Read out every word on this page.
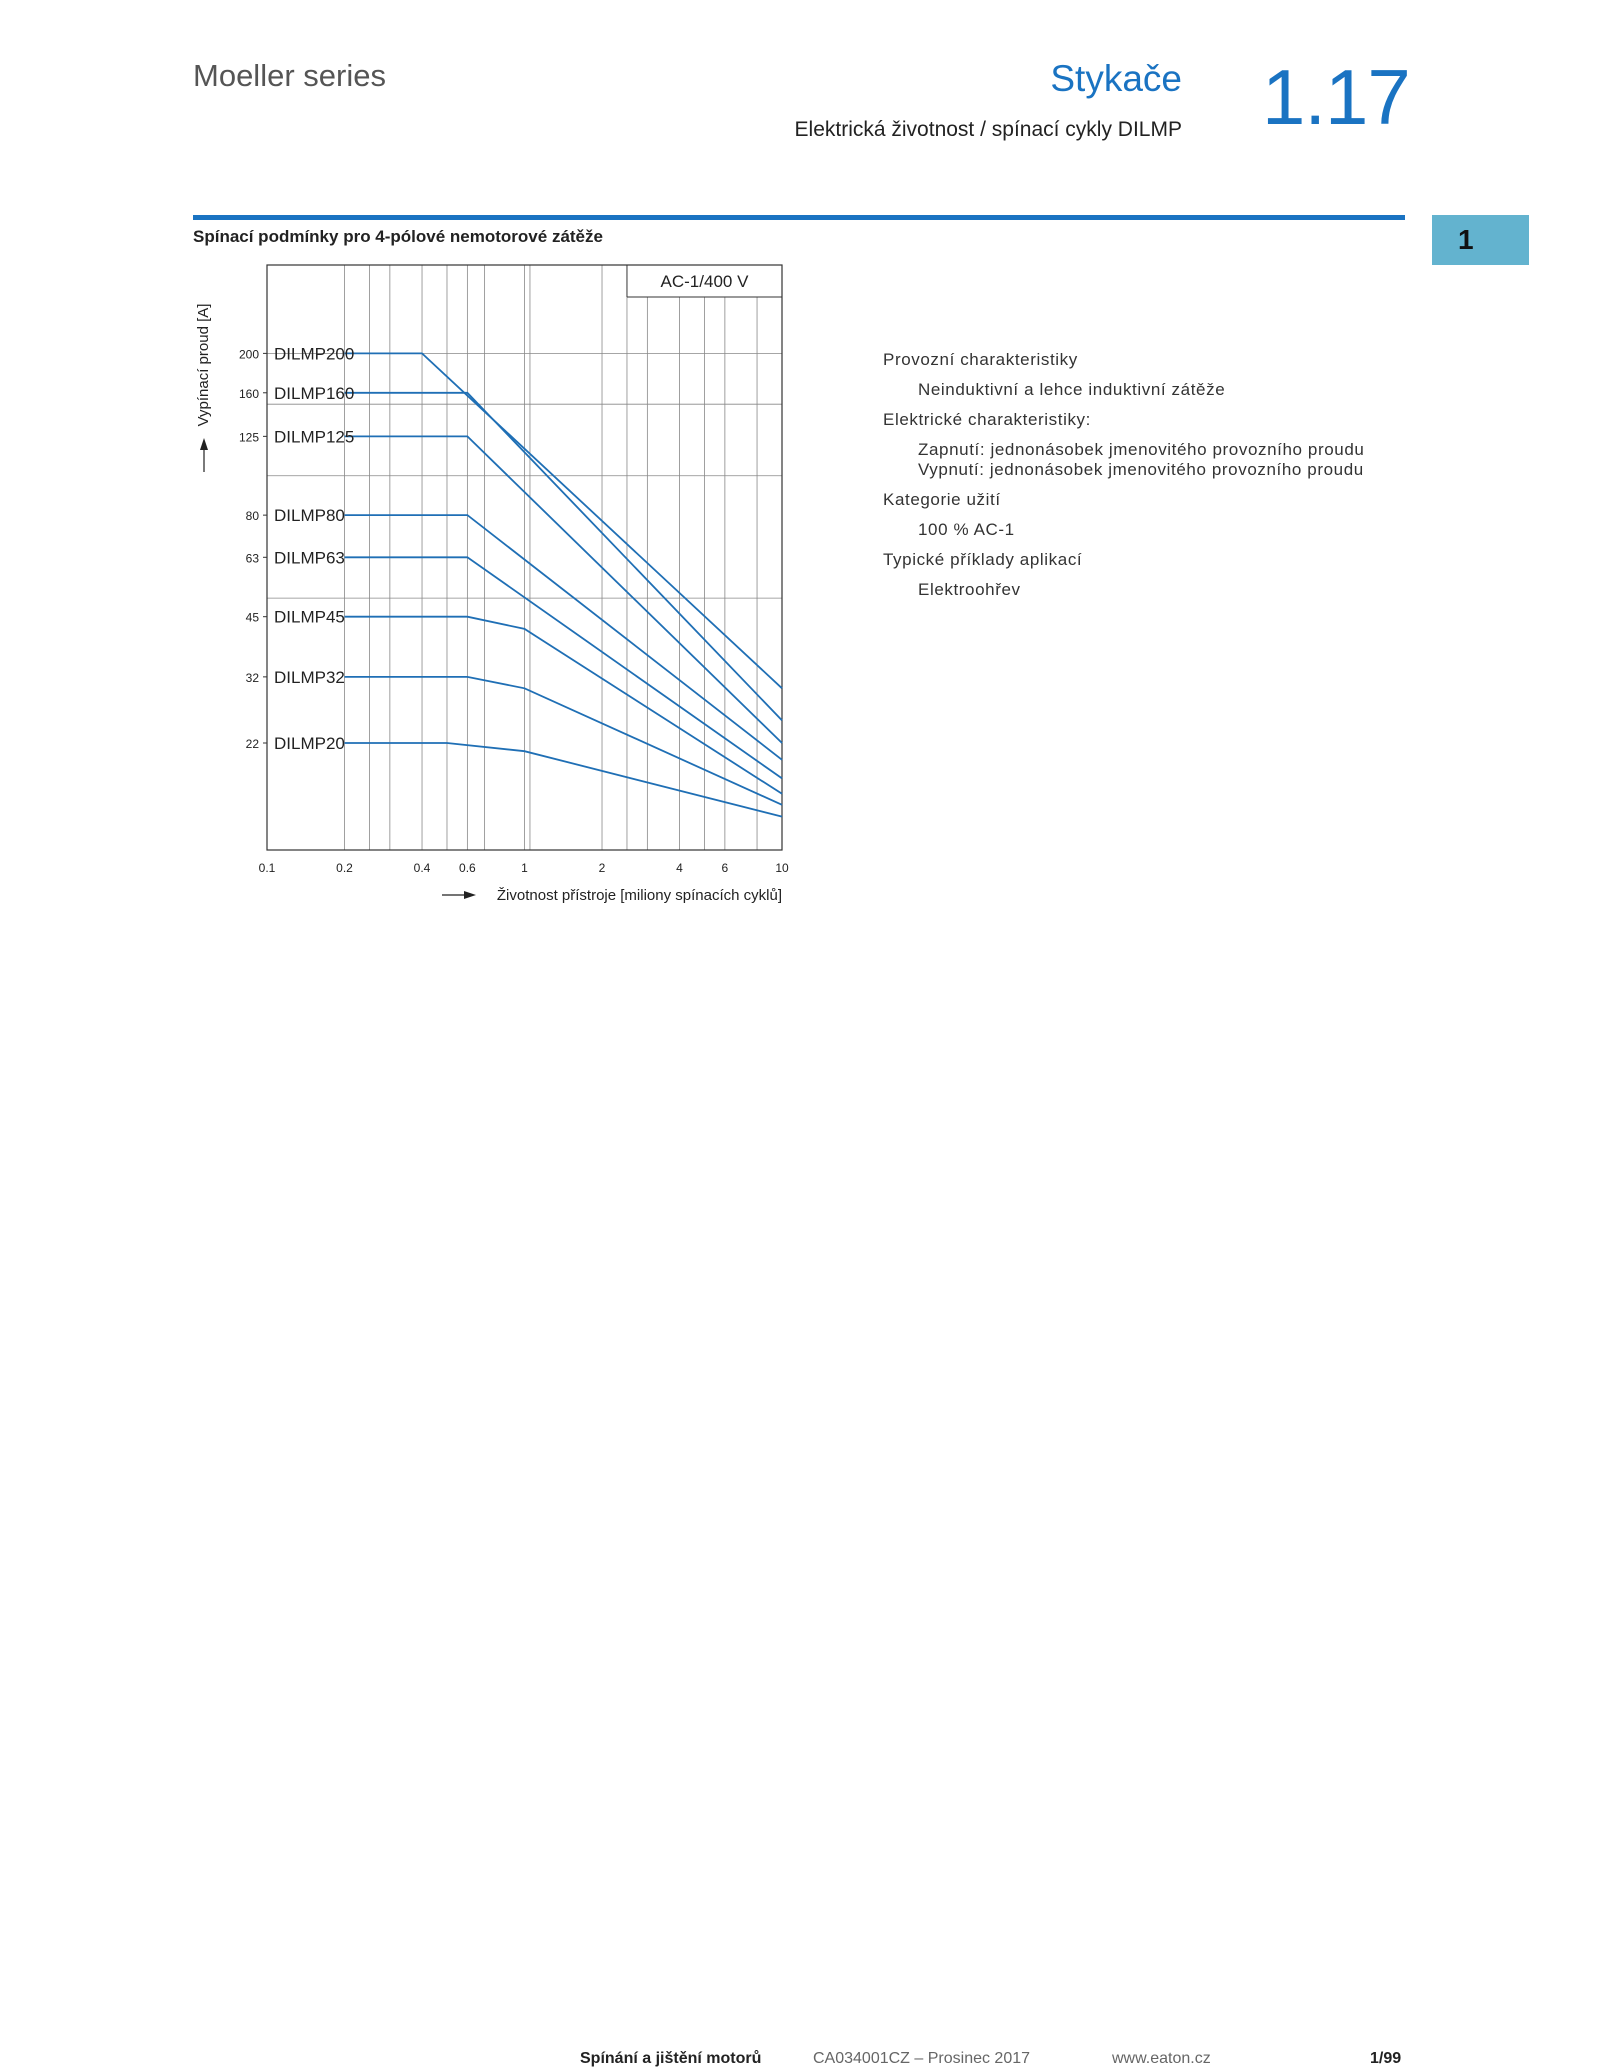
Moeller series	Stykače
Elektrická životnost / spínací cykly DILMP 1.17
1
Spínací podmínky pro 4-pólové nemotorové zátěže
AC-1/400 V
DILMP200
DILMP160
DILMP125
DILMP80
DILMP63
DILMP45
DILMP32
DILMP20
200
160
125
80
63
45
32
22
0.1	0.2	0.4 0.6	1	2	4	6	10
Životnost přístroje [miliony spínacích cyklů]
Vypínací proud [A]	Provozní charakteristiky
Neinduktivní a lehce induktivní zátěže
Elektrické charakteristiky:
Zapnutí: jednonásobek jmenovitého provozního proudu
Vypnutí: jednonásobek jmenovitého provozního proudu
Kategorie užití
100 % AC-1
Typické příklady aplikací
Elektroohřev
Spínání a jištění motorů	CA034001CZ – Prosinec 2017	www.eaton.cz	1/99
